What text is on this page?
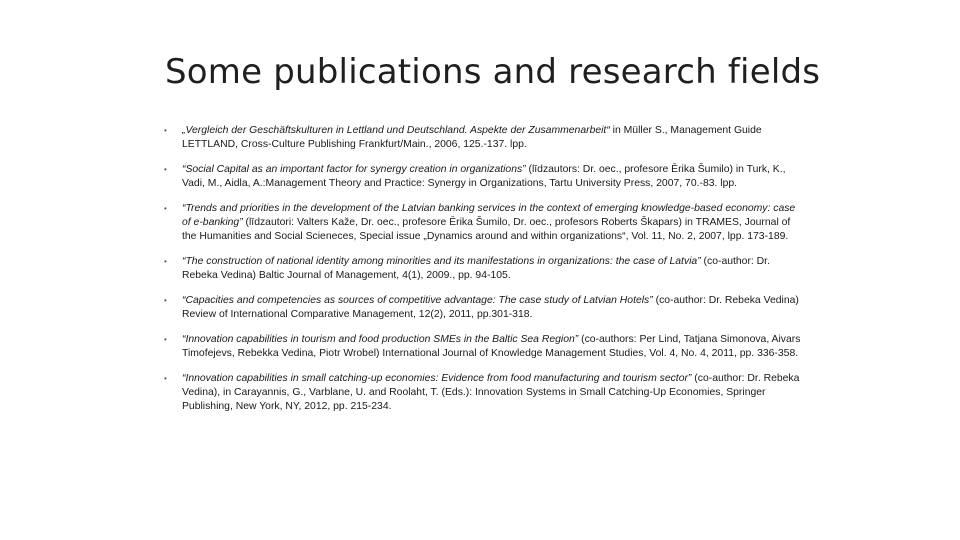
Some publications and research fields
• „Vergleich der Geschäftskulturen in Lettland und Deutschland. Aspekte der Zusammenarbeit“ in Müller S., Management Guide LETTLAND, Cross-Culture Publishing Frankfurt/Main., 2006, 125.-137. lpp.
• “Social Capital as an important factor for synergy creation in organizations” (līdzautors: Dr. oec., profesore Ērika Šumilo) in Turk, K., Vadi, M., Aidla, A.:Management Theory and Practice: Synergy in Organizations, Tartu University Press, 2007, 70.-83. lpp.
• “Trends and priorities in the development of the Latvian banking services in the context of emerging knowledge-based economy: case of e-banking” (līdzautori: Valters Kaže, Dr. oec., profesore Ērika Šumilo, Dr. oec., profesors Roberts Škapars) in TRAMES, Journal of the Humanities and Social Scieneces, Special issue „Dynamics around and within organizations“, Vol. 11, No. 2, 2007, lpp. 173-189.
• “The construction of national identity among minorities and its manifestations in organizations: the case of Latvia” (co-author: Dr. Rebeka Vedina) Baltic Journal of Management, 4(1), 2009., pp. 94-105.
• “Capacities and competencies as sources of competitive advantage: The case study of Latvian Hotels” (co-author: Dr. Rebeka Vedina) Review of International Comparative Management, 12(2), 2011, pp.301-318.
• “Innovation capabilities in tourism and food production SMEs in the Baltic Sea Region” (co-authors: Per Lind, Tatjana Simonova, Aivars Timofejevs, Rebekka Vedina, Piotr Wrobel) International Journal of Knowledge Management Studies, Vol. 4, No. 4, 2011, pp. 336-358.
• “Innovation capabilities in small catching-up economies: Evidence from food manufacturing and tourism sector” (co-author: Dr. Rebeka Vedina), in Carayannis, G., Varblane, U. and Roolaht, T. (Eds.): Innovation Systems in Small Catching-Up Economies, Springer Publishing, New York, NY, 2012, pp. 215-234.
